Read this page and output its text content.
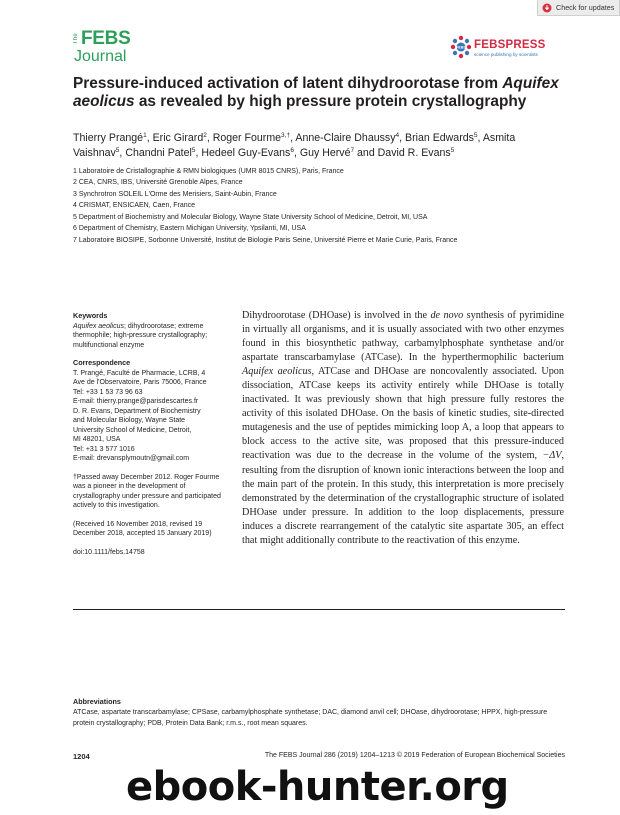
Check for updates
The FEBS
Journal
FEBS FEBSPRESS
science publishing by scientists
Pressure-induced activation of latent dihydroorotase from Aquifex aeolicus as revealed by high pressure protein crystallography
Thierry Prangé$^1$, Eric Girard$^2$, Roger Fourme$^{3,\dagger}$, Anne-Claire Dhaussy$^4$, Brian Edwards$^5$, Asmita Vaishnav$^5$, Chandni Patel$^5$, Hedeel Guy-Evans$^6$, Guy Hervé$^7$ and David R. Evans$^5$
1 Laboratoire de Cristallographie & RMN biologiques (UMR 8015 CNRS), Paris, France
2 CEA, CNRS, IBS, Université Grenoble Alpes, France
3 Synchrotron SOLEIL L'Orme des Merisiers, Saint-Aubin, France
4 CRISMAT, ENSICAEN, Caen, France
5 Department of Biochemistry and Molecular Biology, Wayne State University School of Medicine, Detroit, MI, USA
6 Department of Chemistry, Eastern Michigan University, Ypsilanti, MI, USA
7 Laboratoire BIOSIPE, Sorbonne Université, Institut de Biologie Paris Seine, Université Pierre et Marie Curie, Paris, France
Keywords
Aquifex aeolicus; dihydroorotase; extreme thermophile; high-pressure crystallography; multifunctional enzyme
Correspondence
T. Prangé, Faculté de Pharmacie, LCRB, 4
Ave de l'Observatoire, Paris 75006, France
Tel: +33 1 53 73 96 63
E-mail: thierry.prange@parisdescartes.fr
D. R. Evans, Department of Biochemistry
and Molecular Biology, Wayne State
University School of Medicine, Detroit,
MI 48201, USA
Tel: +31 3 577 1016
E-mail: drevansplymoutn@gmail.com
†Passed away December 2012. Roger Fourme was a pioneer in the development of crystallography under pressure and participated actively to this investigation.
(Received 16 November 2018, revised 19 December 2018, accepted 15 January 2019)
doi:10.1111/febs.14758

Dihydroorotase (DHOase) is involved in the de novo synthesis of pyrimidine in virtually all organisms, and it is usually associated with two other enzymes found in this biosynthetic pathway, carbamylphosphate synthetase and/or aspartate transcarbamylase (ATCase). In the hyperthermophilic bacterium Aquifex aeolicus, ATCase and DHOase are noncovalently associated. Upon dissociation, ATCase keeps its activity entirely while DHOase is totally inactivated. It was previously shown that high pressure fully restores the activity of this isolated DHOase. On the basis of kinetic studies, site-directed mutagenesis and the use of peptides mimicking loop A, a loop that appears to block access to the active site, was proposed that this pressure-induced reactivation was due to the decrease in the volume of the system, −ΔV, resulting from the disruption of known ionic interactions between the loop and the main part of the protein. In this study, this interpretation is more precisely demonstrated by the determination of the crystallographic structure of isolated DHOase under pressure. In addition to the loop displacements, pressure induces a discrete rearrangement of the catalytic site aspartate 305, an effect that might additionally contribute to the reactivation of this enzyme.

Abbreviations
ATCase, aspartate transcarbamylase; CPSase, carbamylphosphate synthetase; DAC, diamond anvil cell; DHOase, dihydroorotase; HPPX, high-pressure protein crystallography; PDB, Protein Data Bank; r.m.s., root mean squares.
1204	The FEBS Journal 286 (2019) 1204–1213 © 2019 Federation of European Biochemical Societies
ebook-hunter.org
